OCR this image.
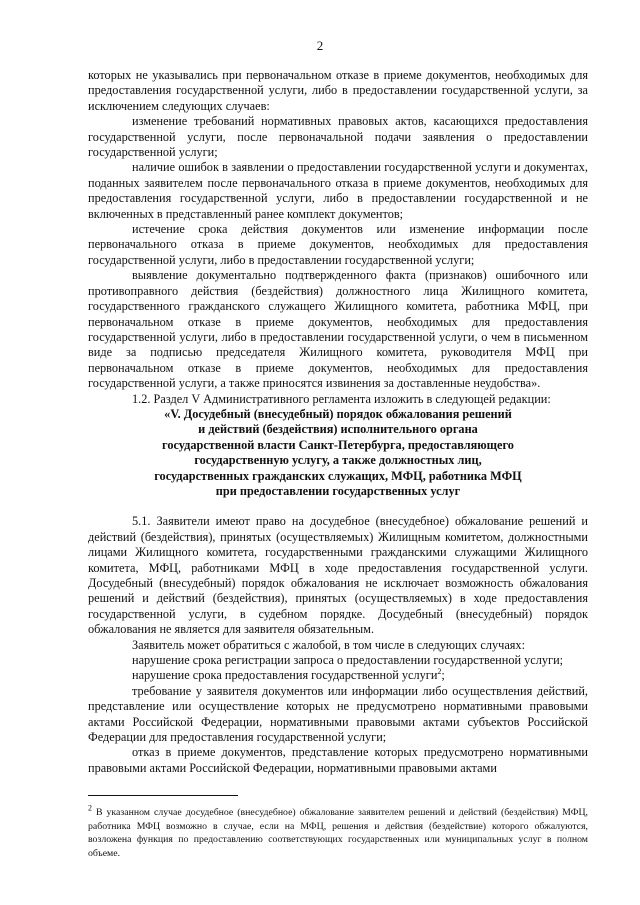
2

которых не указывались при первоначальном отказе в приеме документов, необходимых для предоставления государственной услуги, либо в предоставлении государственной услуги, за исключением следующих случаев:

изменение требований нормативных правовых актов, касающихся предоставления государственной услуги, после первоначальной подачи заявления о предоставлении государственной услуги;

наличие ошибок в заявлении о предоставлении государственной услуги и документах, поданных заявителем после первоначального отказа в приеме документов, необходимых для предоставления государственной услуги, либо в предоставлении государственной и не включенных в представленный ранее комплект документов;

истечение срока действия документов или изменение информации после первоначального отказа в приеме документов, необходимых для предоставления государственной услуги, либо в предоставлении государственной услуги;

выявление документально подтвержденного факта (признаков) ошибочного или противоправного действия (бездействия) должностного лица Жилищного комитета, государственного гражданского служащего Жилищного комитета, работника МФЦ, при первоначальном отказе в приеме документов, необходимых для предоставления государственной услуги, либо в предоставлении государственной услуги, о чем в письменном виде за подписью председателя Жилищного комитета, руководителя МФЦ при первоначальном отказе в приеме документов, необходимых для предоставления государственной услуги, а также приносятся извинения за доставленные неудобства».

1.2. Раздел V Административного регламента изложить в следующей редакции:

«V. Досудебный (внесудебный) порядок обжалования решений

и действий (бездействия) исполнительного органа

государственной власти Санкт-Петербурга, предоставляющего

государственную услугу, а также должностных лиц,

государственных гражданских служащих, МФЦ, работника МФЦ

при предоставлении государственных услуг

5.1. Заявители имеют право на досудебное (внесудебное) обжалование решений и действий (бездействия), принятых (осуществляемых) Жилищным комитетом, должностными лицами Жилищного комитета, государственными гражданскими служащими Жилищного комитета, МФЦ, работниками МФЦ в ходе предоставления государственной услуги. Досудебный (внесудебный) порядок обжалования не исключает возможность обжалования решений и действий (бездействия), принятых (осуществляемых) в ходе предоставления государственной услуги, в судебном порядке. Досудебный (внесудебный) порядок обжалования не является для заявителя обязательным.

Заявитель может обратиться с жалобой, в том числе в следующих случаях:

нарушение срока регистрации запроса о предоставлении государственной услуги;

нарушение срока предоставления государственной услуги$^2$;

требование у заявителя документов или информации либо осуществления действий, представление или осуществление которых не предусмотрено нормативными правовыми актами Российской Федерации, нормативными правовыми актами субъектов Российской Федерации для предоставления государственной услуги;

отказ в приеме документов, представление которых предусмотрено нормативными правовыми актами Российской Федерации, нормативными правовыми актами

$^2$ В указанном случае досудебное (внесудебное) обжалование заявителем решений и действий (бездействия) МФЦ, работника МФЦ возможно в случае, если на МФЦ, решения и действия (бездействие) которого обжалуются, возложена функция по предоставлению соответствующих государственных или муниципальных услуг в полном объеме.
